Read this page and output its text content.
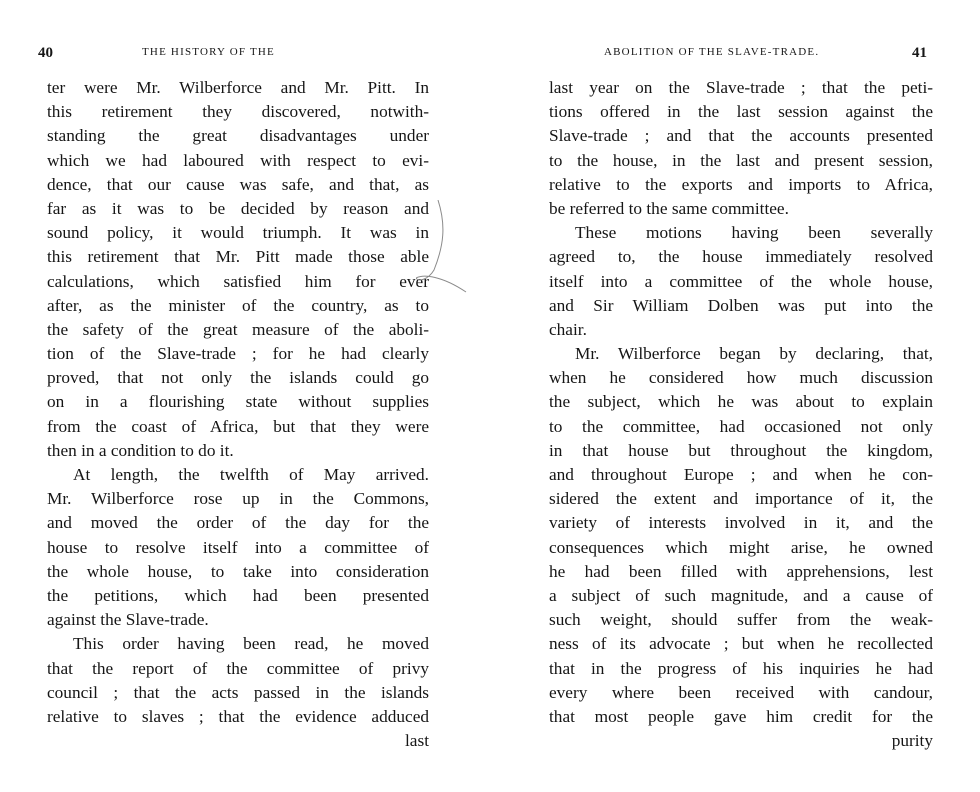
40	THE HISTORY OF THE
ter were Mr. Wilberforce and Mr. Pitt. In
this retirement they discovered, notwith-
standing the great disadvantages under
which we had laboured with respect to evi-
dence, that our cause was safe, and that, as
far as it was to be decided by reason and
sound policy, it would triumph. It was in
this retirement that Mr. Pitt made those able
calculations, which satisfied him for ever
after, as the minister of the country, as to
the safety of the great measure of the aboli-
tion of the Slave-trade ; for he had clearly
proved, that not only the islands could go
on in a flourishing state without supplies
from the coast of Africa, but that they were
then in a condition to do it.
At length, the twelfth of May arrived.
Mr. Wilberforce rose up in the Commons,
and moved the order of the day for the
house to resolve itself into a committee of
the whole house, to take into consideration
the petitions, which had been presented
against the Slave-trade.
This order having been read, he moved
that the report of the committee of privy
council ; that the acts passed in the islands
relative to slaves ; that the evidence adduced
last
41
ABOLITION OF THE SLAVE-TRADE.
last year on the Slave-trade ; that the peti-
tions offered in the last session against the
Slave-trade ; and that the accounts presented
to the house, in the last and present session,
relative to the exports and imports to Africa,
be referred to the same committee.
These motions having been severally
agreed to, the house immediately resolved
itself into a committee of the whole house,
and Sir William Dolben was put into the
chair.
Mr. Wilberforce began by declaring, that,
when he considered how much discussion
the subject, which he was about to explain
to the committee, had occasioned not only
in that house but throughout the kingdom,
and throughout Europe ; and when he con-
sidered the extent and importance of it, the
variety of interests involved in it, and the
consequences which might arise, he owned
he had been filled with apprehensions, lest
a subject of such magnitude, and a cause of
such weight, should suffer from the weak-
ness of its advocate ; but when he recollected
that in the progress of his inquiries he had
every where been received with candour,
that most people gave him credit for the
purity
